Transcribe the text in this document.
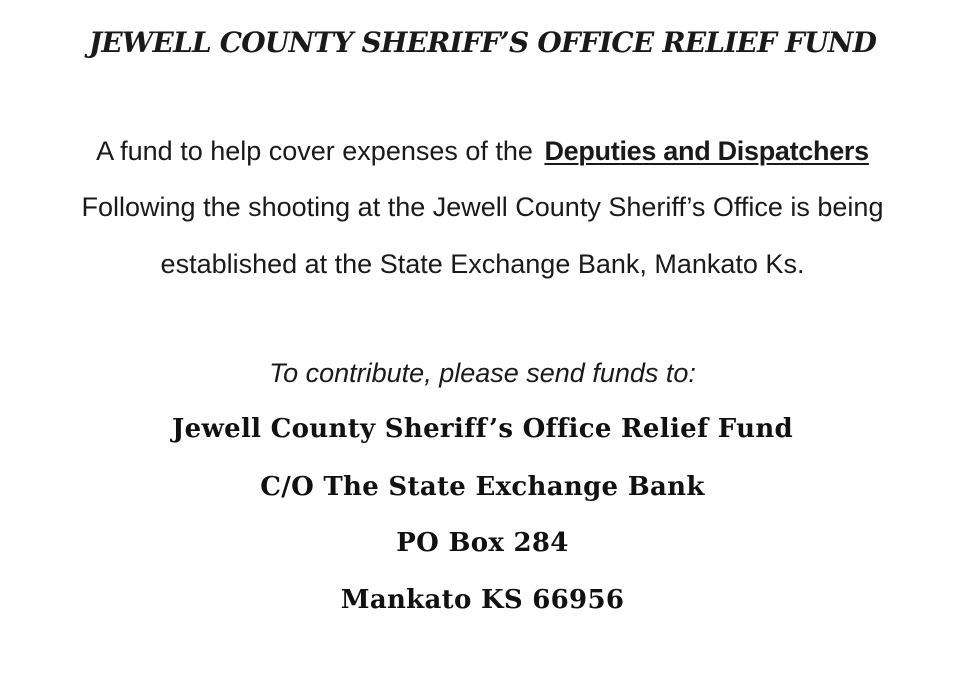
JEWELL COUNTY SHERIFF’S OFFICE RELIEF FUND
A fund to help cover expenses of the Deputies and Dispatchers
Following the shooting at the Jewell County Sheriff’s Office is being
established at the State Exchange Bank, Mankato Ks.
To contribute, please send funds to:
Jewell County Sheriff’s Office Relief Fund
C/O The State Exchange Bank
PO Box 284
Mankato KS 66956
